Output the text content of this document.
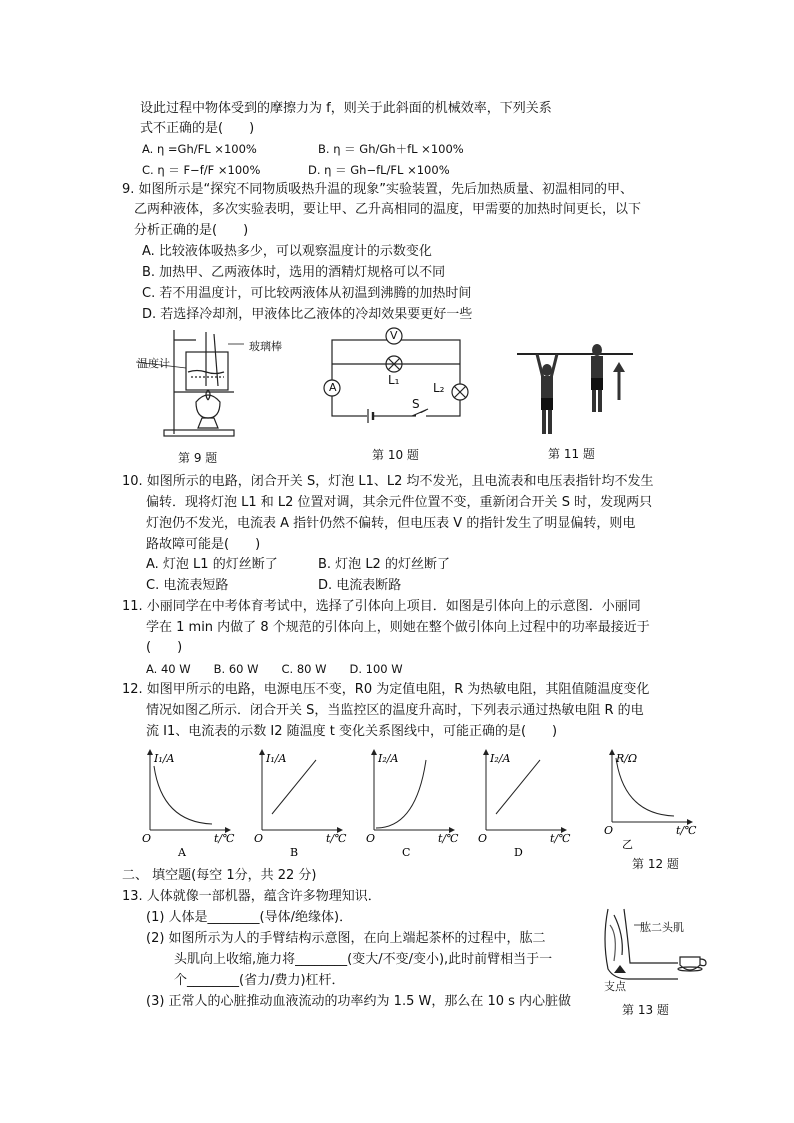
设此过程中物体受到的摩擦力为 f，则关于此斜面的机械效率，下列关系
式不正确的是(　　)
A. η =Gh/FL ×100%	B. η ＝ Gh/Gh＋fL ×100%
C. η ＝ F−f/F ×100%	D. η ＝ Gh−fL/FL ×100%
9. 如图所示是“探究不同物质吸热升温的现象”实验装置，先后加热质量、初温相同的甲、
乙两种液体，多次实验表明，要让甲、乙升高相同的温度，甲需要的加热时间更长，以下
分析正确的是(　　)
A. 比较液体吸热多少，可以观察温度计的示数变化
B. 加热甲、乙两液体时，选用的酒精灯规格可以不同
C. 若不用温度计，可比较两液体从初温到沸腾的加热时间
D. 若选择冷却剂，甲液体比乙液体的冷却效果要更好一些
温度计
玻璃棒
第 9 题
V
A
L₁
L₂
S
第 10 题	第 11 题
10. 如图所示的电路，闭合开关 S，灯泡 L1、L2 均不发光，且电流表和电压表指针均不发生
偏转．现将灯泡 L1 和 L2 位置对调，其余元件位置不变，重新闭合开关 S 时，发现两只
灯泡仍不发光，电流表 A 指针仍然不偏转，但电压表 V 的指针发生了明显偏转，则电
路故障可能是(　　)
A. 灯泡 L1 的灯丝断了	B. 灯泡 L2 的灯丝断了
C. 电流表短路	D. 电流表断路
11. 小丽同学在中考体育考试中，选择了引体向上项目．如图是引体向上的示意图．小丽同
学在 1 min 内做了 8 个规范的引体向上，则她在整个做引体向上过程中的功率最接近于
(　　)
A. 40 W　　B. 60 W　　C. 80 W　　D. 100 W
12. 如图甲所示的电路，电源电压不变，R0 为定值电阻，R 为热敏电阻，其阻值随温度变化
情况如图乙所示．闭合开关 S，当监控区的温度升高时，下列表示通过热敏电阻 R 的电
流 I1、电流表的示数 I2 随温度 t 变化关系图线中，可能正确的是(　　)
I₁/A
t/℃
O
A
I₁/A
t/℃
O
B
I₂/A
t/℃
O
C
I₂/A
t/℃
O
D
R/Ω
t/℃
O
乙
第 12 题
二、 填空题(每空 1分，共 22 分)
13. 人体就像一部机器，蕴含许多物理知识．
(1) 人体是________(导体/绝缘体)．
(2) 如图所示为人的手臂结构示意图，在向上端起茶杯的过程中，肱二
头肌向上收缩,施力将________(变大/不变/变小),此时前臂相当于一
个________(省力/费力)杠杆．
(3) 正常人的心脏推动血液流动的功率约为 1.5 W，那么在 10 s 内心脏做
肱二头肌
支点
第 13 题
